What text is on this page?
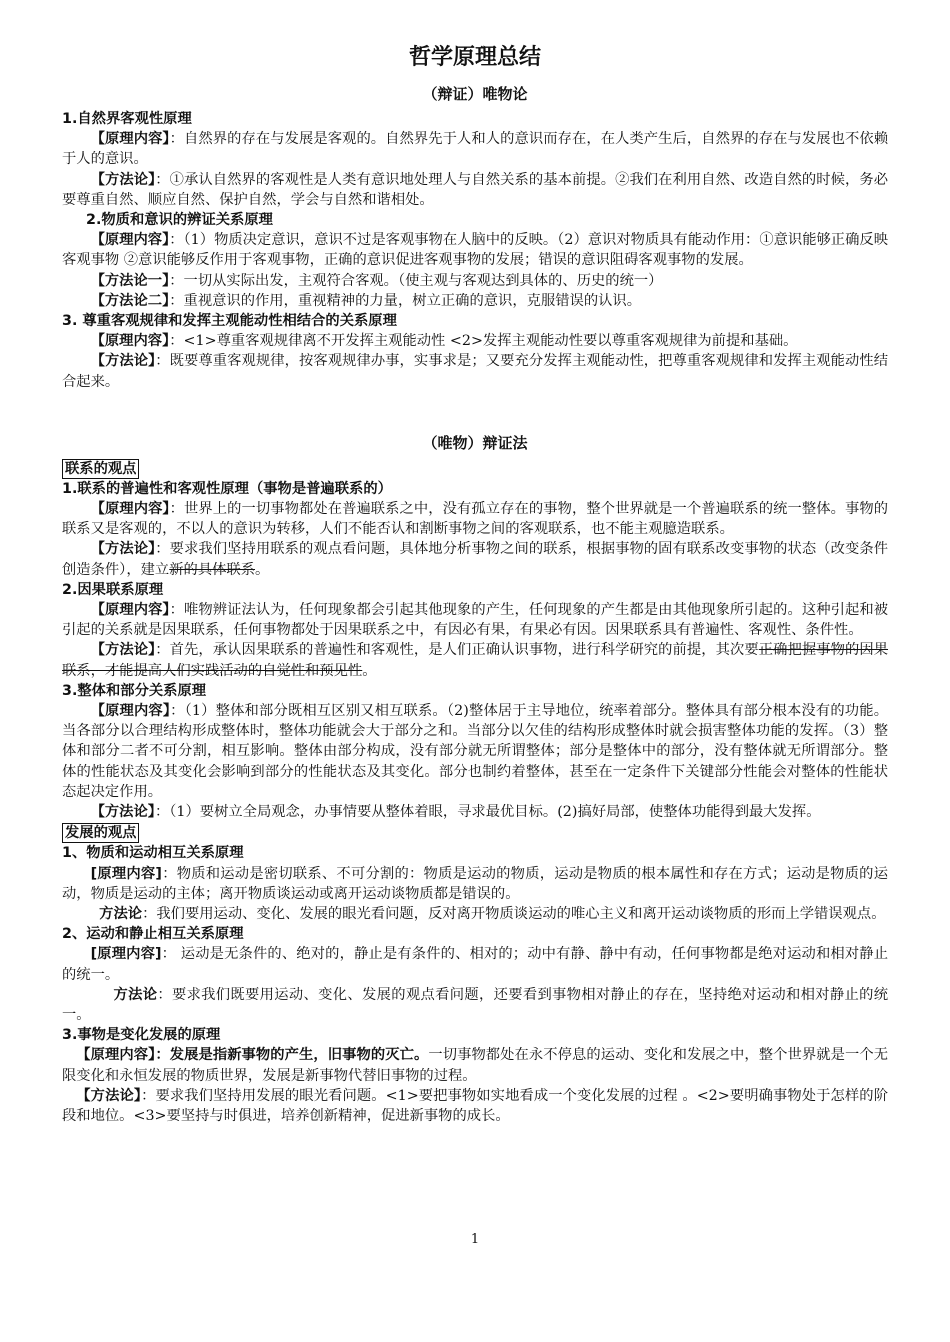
哲学原理总结
（辩证）唯物论
1.自然界客观性原理
【原理内容】：自然界的存在与发展是客观的。自然界先于人和人的意识而存在，在人类产生后，自然界的存在与发展也不依赖于人的意识。
【方法论】：①承认自然界的客观性是人类有意识地处理人与自然关系的基本前提。②我们在利用自然、改造自然的时候，务必要尊重自然、顺应自然、保护自然，学会与自然和谐相处。
2.物质和意识的辨证关系原理
【原理内容】：（1）物质决定意识，意识不过是客观事物在人脑中的反映。（2）意识对物质具有能动作用：①意识能够正确反映客观事物 ②意识能够反作用于客观事物，正确的意识促进客观事物的发展；错误的意识阻碍客观事物的发展。
【方法论一】：一切从实际出发，主观符合客观。（使主观与客观达到具体的、历史的统一）
【方法论二】：重视意识的作用，重视精神的力量，树立正确的意识，克服错误的认识。
3. 尊重客观规律和发挥主观能动性相结合的关系原理
【原理内容】：<1>尊重客观规律离不开发挥主观能动性 <2>发挥主观能动性要以尊重客观规律为前提和基础。
【方法论】：既要尊重客观规律，按客观规律办事，实事求是；又要充分发挥主观能动性，把尊重客观规律和发挥主观能动性结合起来。
（唯物）辩证法
联系的观点
1.联系的普遍性和客观性原理（事物是普遍联系的）
【原理内容】：世界上的一切事物都处在普遍联系之中，没有孤立存在的事物，整个世界就是一个普遍联系的统一整体。事物的联系又是客观的，不以人的意识为转移，人们不能否认和割断事物之间的客观联系，也不能主观臆造联系。
【方法论】：要求我们坚持用联系的观点看问题，具体地分析事物之间的联系，根据事物的固有联系改变事物的状态（改变条件创造条件），建立新的具体联系。
2.因果联系原理
【原理内容】：唯物辨证法认为，任何现象都会引起其他现象的产生，任何现象的产生都是由其他现象所引起的。这种引起和被引起的关系就是因果联系，任何事物都处于因果联系之中，有因必有果，有果必有因。因果联系具有普遍性、客观性、条件性。
【方法论】：首先，承认因果联系的普遍性和客观性，是人们正确认识事物，进行科学研究的前提，其次要正确把握事物的因果联系，才能提高人们实践活动的自觉性和预见性。
3.整体和部分关系原理
【原理内容】：（1）整体和部分既相互区别又相互联系。（2)整体居于主导地位，统率着部分。整体具有部分根本没有的功能。当各部分以合理结构形成整体时，整体功能就会大于部分之和。当部分以欠佳的结构形成整体时就会损害整体功能的发挥。（3）整体和部分二者不可分割，相互影响。整体由部分构成，没有部分就无所谓整体；部分是整体中的部分，没有整体就无所谓部分。整体的性能状态及其变化会影响到部分的性能状态及其变化。部分也制约着整体，甚至在一定条件下关键部分性能会对整体的性能状态起决定作用。
【方法论】：（1）要树立全局观念，办事情要从整体着眼，寻求最优目标。(2)搞好局部，使整体功能得到最大发挥。
发展的观点
1、物质和运动相互关系原理
[原理内容]：物质和运动是密切联系、不可分割的：物质是运动的物质，运动是物质的根本属性和存在方式；运动是物质的运动，物质是运动的主体；离开物质谈运动或离开运动谈物质都是错误的。
方法论：我们要用运动、变化、发展的眼光看问题，反对离开物质谈运动的唯心主义和离开运动谈物质的形而上学错误观点。
2、运动和静止相互关系原理
[原理内容]： 运动是无条件的、绝对的，静止是有条件的、相对的；动中有静、静中有动，任何事物都是绝对运动和相对静止的统一。
方法论：要求我们既要用运动、变化、发展的观点看问题，还要看到事物相对静止的存在，坚持绝对运动和相对静止的统一。
3.事物是变化发展的原理
【原理内容】：发展是指新事物的产生，旧事物的灭亡。一切事物都处在永不停息的运动、变化和发展之中，整个世界就是一个无限变化和永恒发展的物质世界，发展是新事物代替旧事物的过程。
【方法论】：要求我们坚持用发展的眼光看问题。<1>要把事物如实地看成一个变化发展的过程 。<2>要明确事物处于怎样的阶段和地位。<3>要坚持与时俱进，培养创新精神，促进新事物的成长。
1
